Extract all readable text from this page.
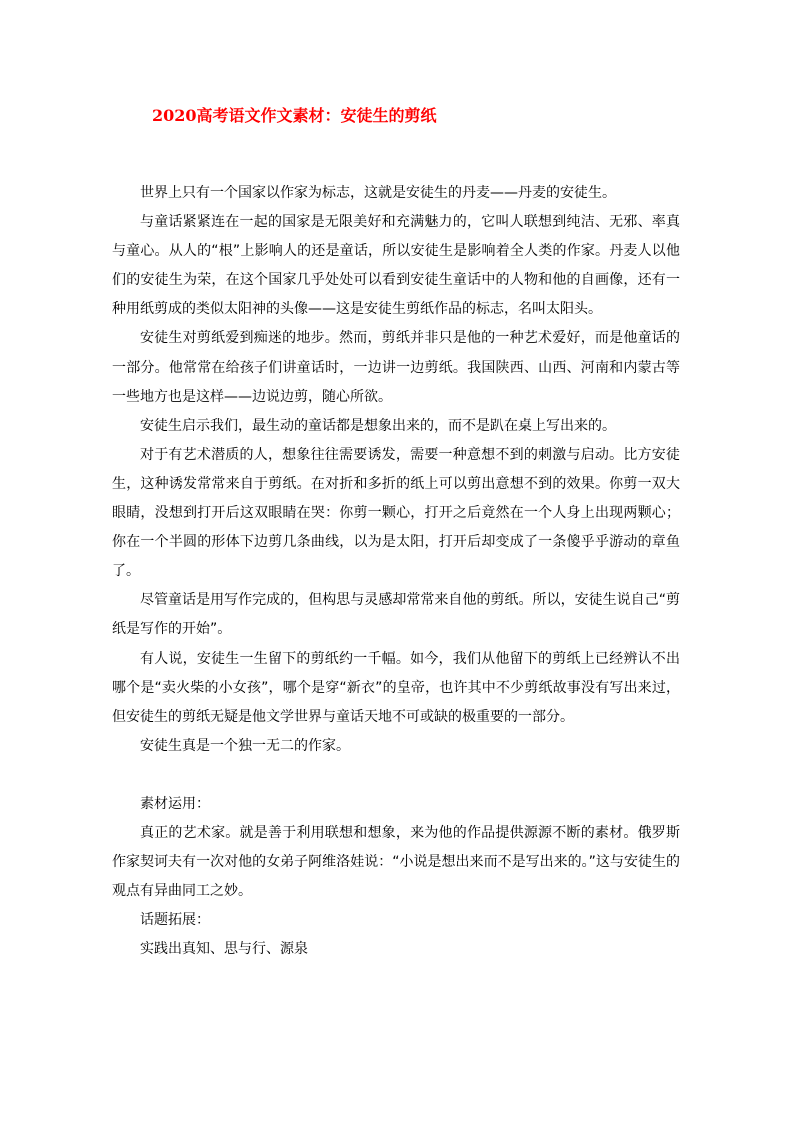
2020高考语文作文素材：安徒生的剪纸

世界上只有一个国家以作家为标志，这就是安徒生的丹麦——丹麦的安徒生。

与童话紧紧连在一起的国家是无限美好和充满魅力的，它叫人联想到纯洁、无邪、率真与童心。从人的“根”上影响人的还是童话，所以安徒生是影响着全人类的作家。丹麦人以他们的安徒生为荣，在这个国家几乎处处可以看到安徒生童话中的人物和他的自画像，还有一种用纸剪成的类似太阳神的头像——这是安徒生剪纸作品的标志，名叫太阳头。

安徒生对剪纸爱到痴迷的地步。然而，剪纸并非只是他的一种艺术爱好，而是他童话的一部分。他常常在给孩子们讲童话时，一边讲一边剪纸。我国陕西、山西、河南和内蒙古等一些地方也是这样——边说边剪，随心所欲。

安徒生启示我们，最生动的童话都是想象出来的，而不是趴在桌上写出来的。

对于有艺术潜质的人，想象往往需要诱发，需要一种意想不到的刺激与启动。比方安徒生，这种诱发常常来自于剪纸。在对折和多折的纸上可以剪出意想不到的效果。你剪一双大眼睛，没想到打开后这双眼睛在哭：你剪一颗心，打开之后竟然在一个人身上出现两颗心；你在一个半圆的形体下边剪几条曲线，以为是太阳，打开后却变成了一条傻乎乎游动的章鱼了。

尽管童话是用写作完成的，但构思与灵感却常常来自他的剪纸。所以，安徒生说自己“剪纸是写作的开始”。

有人说，安徒生一生留下的剪纸约一千幅。如今，我们从他留下的剪纸上已经辨认不出哪个是“卖火柴的小女孩”，哪个是穿“新衣”的皇帝，也许其中不少剪纸故事没有写出来过，但安徒生的剪纸无疑是他文学世界与童话天地不可或缺的极重要的一部分。

安徒生真是一个独一无二的作家。

素材运用：

真正的艺术家。就是善于利用联想和想象，来为他的作品提供源源不断的素材。俄罗斯作家契诃夫有一次对他的女弟子阿维洛娃说：“小说是想出来而不是写出来的。”这与安徒生的观点有异曲同工之妙。

话题拓展：

实践出真知、思与行、源泉
